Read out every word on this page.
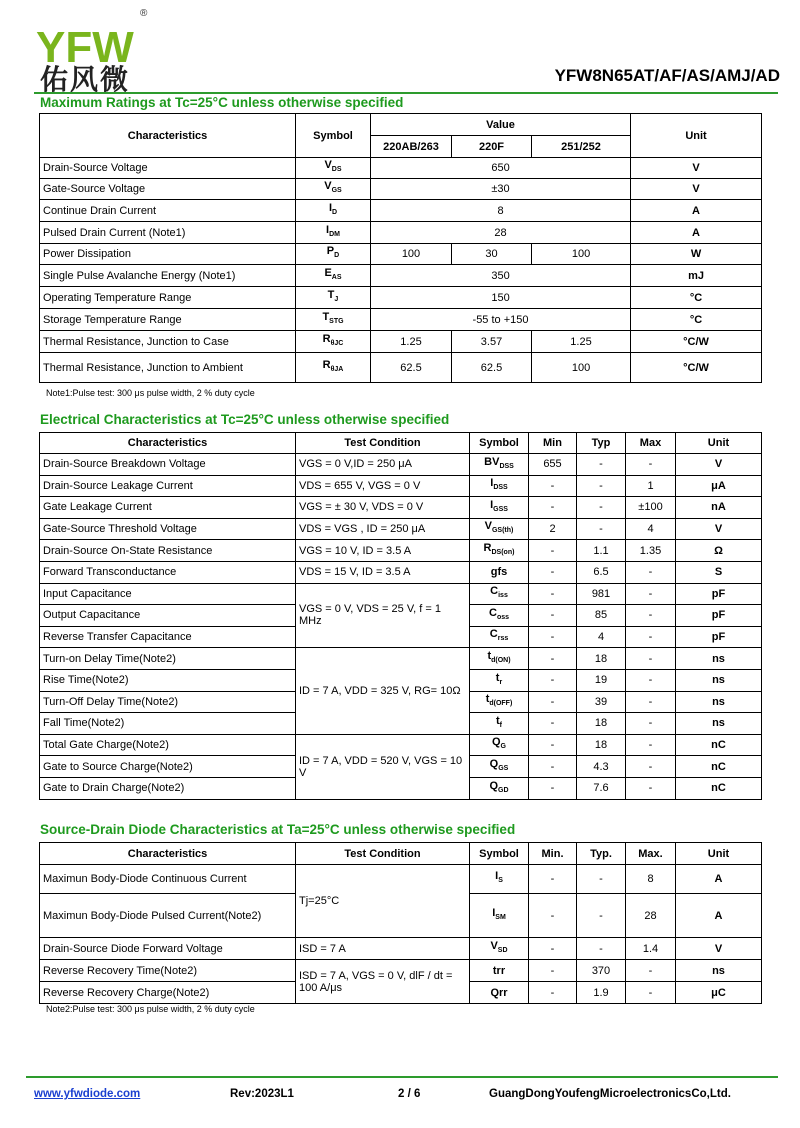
YFW
®
佑风微	YFW8N65AT/AF/AS/AMJ/AD
Maximum Ratings at Tc=25°C unless otherwise specified
Characteristics	Symbol	Value			Unit
		220AB/263	220F	251/252	
Drain-Source Voltage	$V_{DS}$	650			V
Gate-Source Voltage	$V_{GS}$	±30			V
Continue Drain Current	$I_D$	8			A
Pulsed Drain Current (Note1)	$I_{DM}$	28			A
Power Dissipation	$P_D$	100	30	100	W
Single Pulse Avalanche Energy (Note1)	$E_{AS}$	350			mJ
Operating Temperature Range	$T_J$	150			°C
Storage Temperature Range	$T_{STG}$	-55 to +150			°C
Thermal Resistance, Junction to Case	$R_{\theta JC}$	1.25	3.57	1.25	°C/W
Thermal Resistance, Junction to Ambient	$R_{\theta JA}$	62.5	62.5	100	°C/W
Note1:Pulse test: 300 μs pulse width, 2 % duty cycle
Electrical Characteristics at Tc=25°C unless otherwise specified
Characteristics	Test Condition	Symbol	Min	Typ	Max	Unit
Drain-Source Breakdown Voltage	VGS = 0 V,ID = 250 μA	$BV_{DSS}$	655	-	-	V
Drain-Source Leakage Current	VDS = 655 V, VGS = 0 V	$I_{DSS}$	-	-	1	μA
Gate Leakage Current	VGS = ± 30 V, VDS = 0 V	$I_{GSS}$	-	-	±100	nA
Gate-Source Threshold Voltage	VDS = VGS , ID = 250 μA	$V_{GS(th)}$	2	-	4	V
Drain-Source On-State Resistance	VGS = 10 V, ID = 3.5 A	$R_{DS(on)}$	-	1.1	1.35	Ω
Forward Transconductance	VDS = 15 V, ID = 3.5 A	gfs	-	6.5	-	S
Input Capacitance	VGS = 0 V, VDS = 25 V, f = 1 MHz	$C_{iss}$	-	981	-	pF
Output Capacitance		$C_{oss}$	-	85	-	pF
Reverse Transfer Capacitance		$C_{rss}$	-	4	-	pF
Turn-on Delay Time(Note2)	ID = 7 A, VDD = 325 V, RG= 10Ω	$t_{d(ON)}$	-	18	-	ns
Rise Time(Note2)		$t_r$	-	19	-	ns
Turn-Off Delay Time(Note2)		$t_{d(OFF)}$	-	39	-	ns
Fall Time(Note2)		$t_f$	-	18	-	ns
Total Gate Charge(Note2)	ID = 7 A, VDD = 520 V, VGS = 10 V	$Q_G$	-	18	-	nC
Gate to Source Charge(Note2)		$Q_{GS}$	-	4.3	-	nC
Gate to Drain Charge(Note2)		$Q_{GD}$	-	7.6	-	nC
Source-Drain Diode Characteristics at Ta=25°C unless otherwise specified
Characteristics	Test Condition	Symbol	Min.	Typ.	Max.	Unit
Maximun Body-Diode Continuous Current	Tj=25°C	$I_S$	-	-	8	A
Maximun Body-Diode Pulsed Current(Note2)		$I_{SM}$	-	-	28	A
Drain-Source Diode Forward Voltage	ISD = 7 A	$V_{SD}$	-	-	1.4	V
Reverse Recovery Time(Note2)	ISD = 7 A, VGS = 0 V, dlF / dt = 100 A/μs	trr	-	370	-	ns
Reverse Recovery Charge(Note2)		Qrr	-	1.9	-	μC
Note2:Pulse test: 300 μs pulse width, 2 % duty cycle
www.yfwdiode.com	Rev:2023L1	2 / 6	GuangDongYoufengMicroelectronicsCo,Ltd.
